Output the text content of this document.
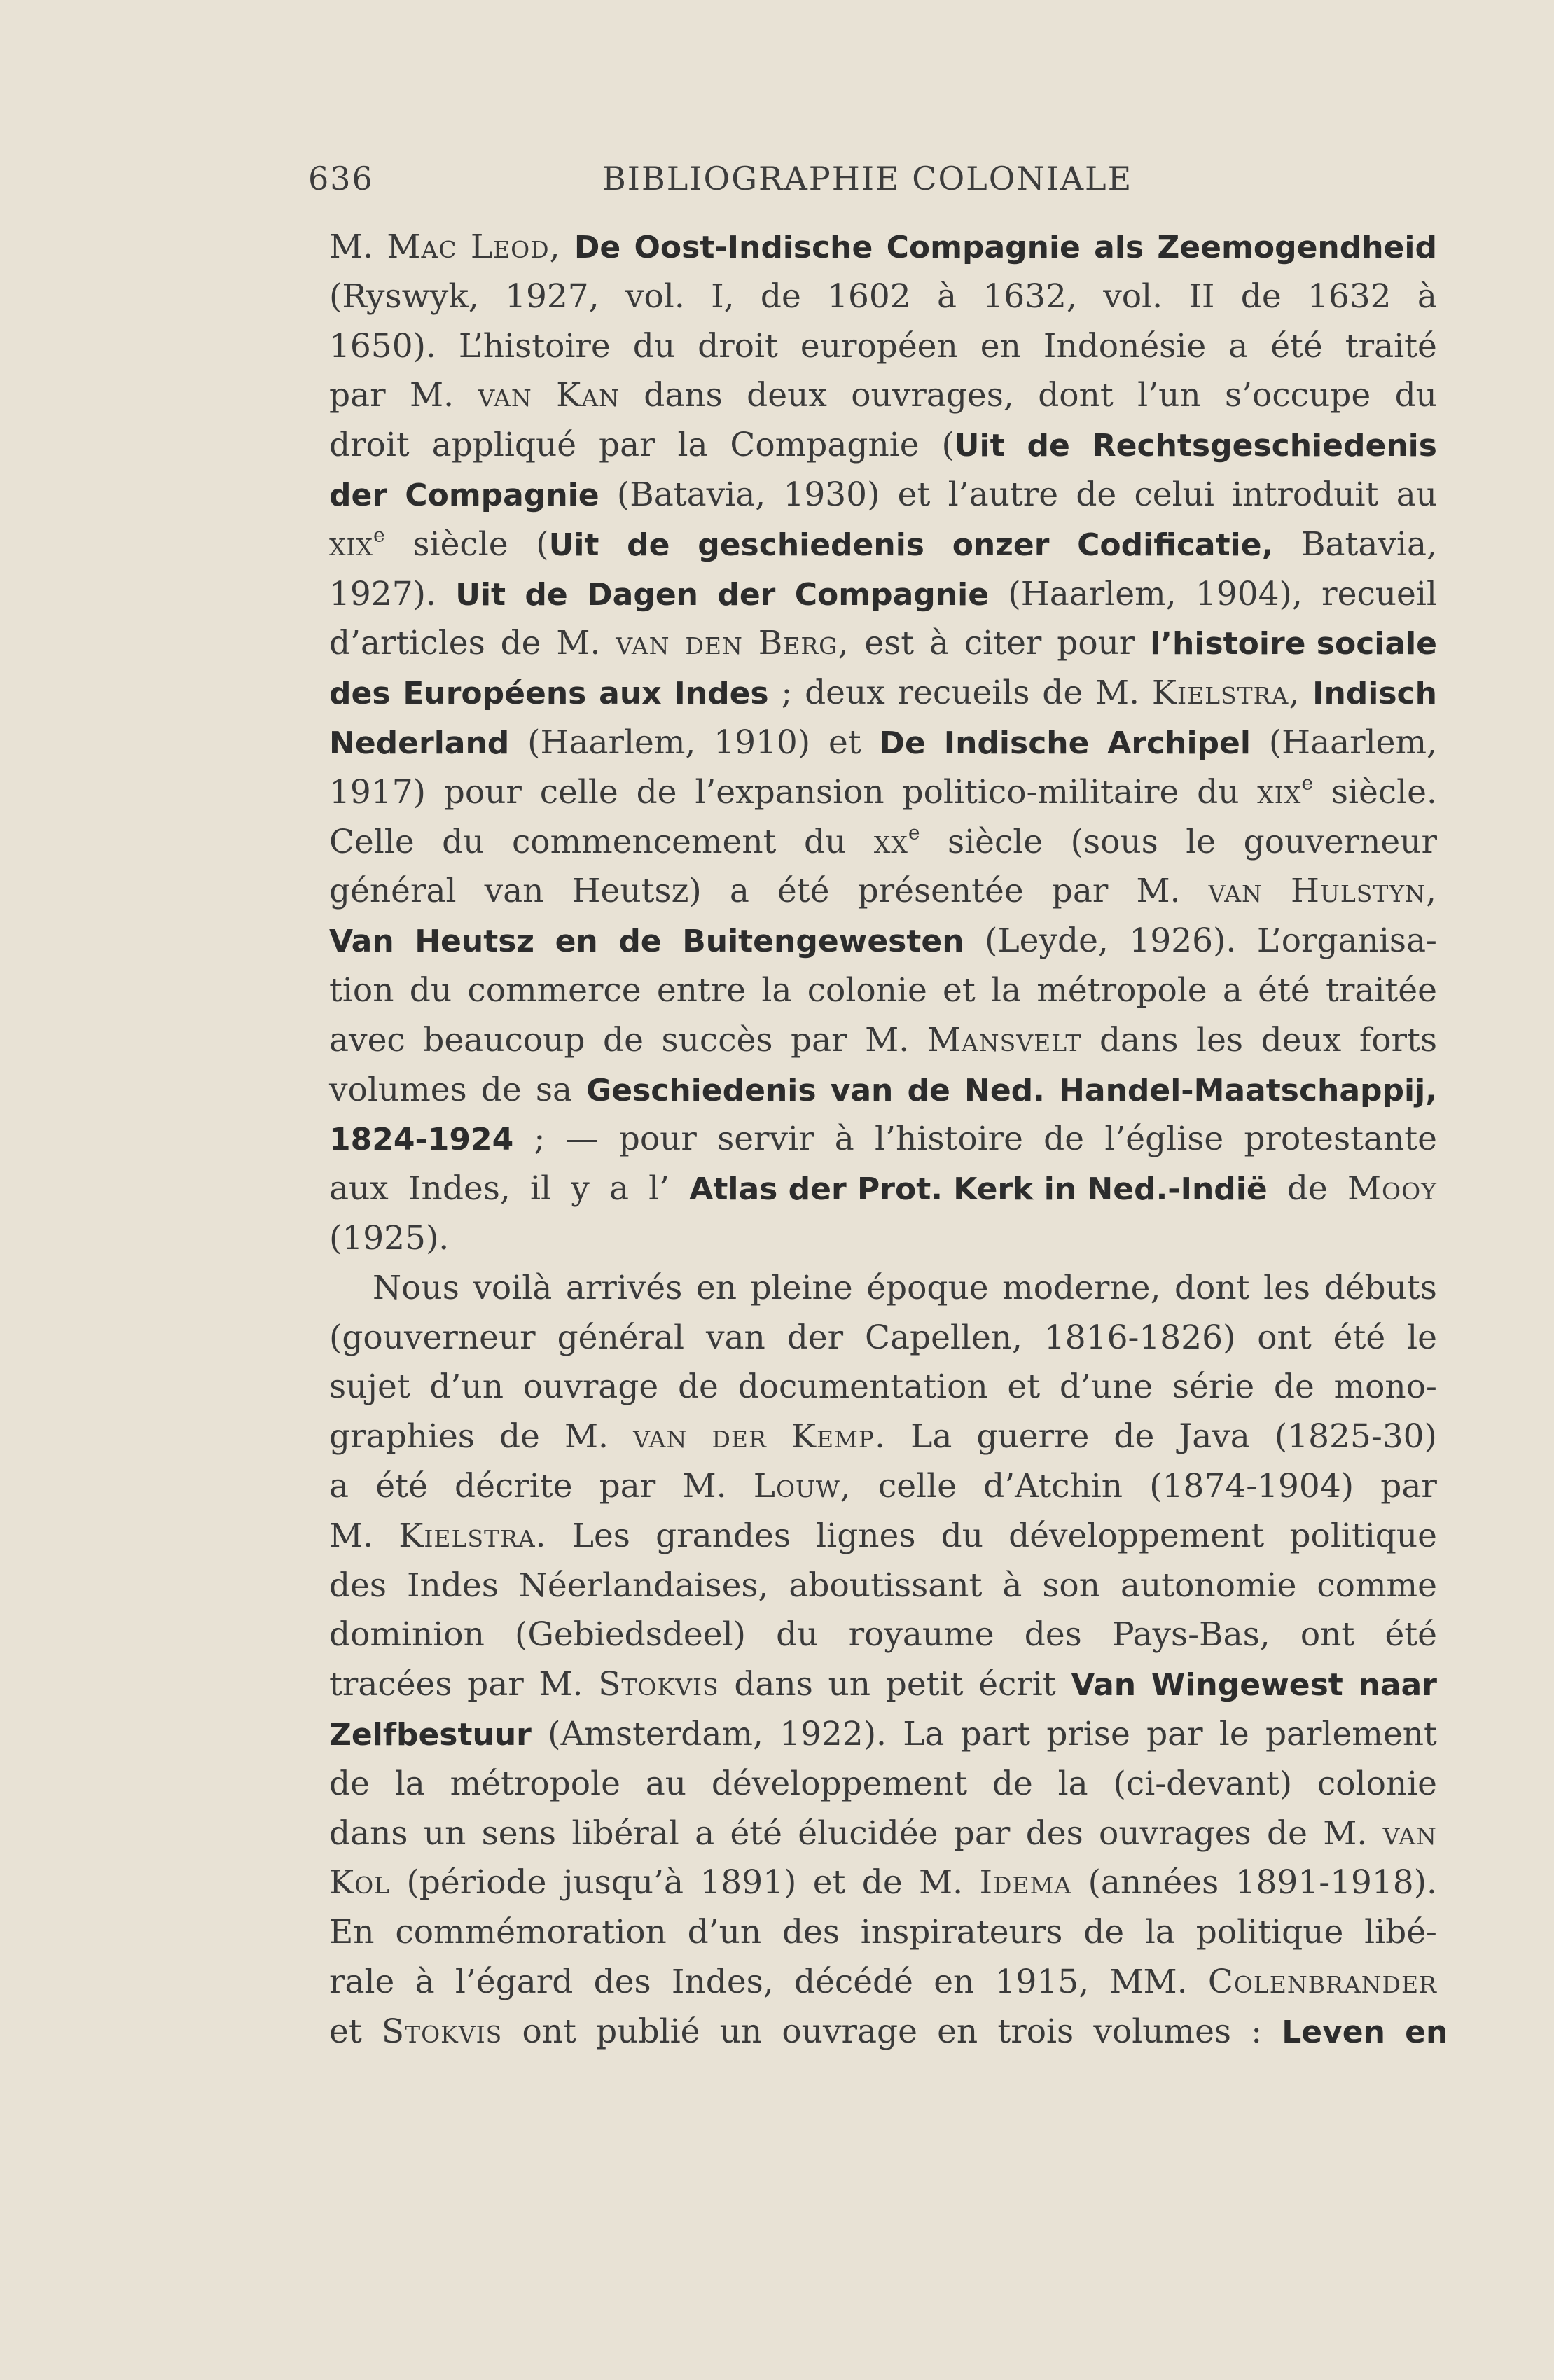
636	BIBLIOGRAPHIE COLONIALE
M. Mac Leod, De Oost-Indische Compagnie als Zeemogendheid
(Ryswyk, 1927, vol. I, de 1602 à 1632, vol. II de 1632 à
1650). L’histoire du droit européen en Indonésie a été traité
par M. van Kan dans deux ouvrages, dont l’un s’occupe du
droit appliqué par la Compagnie (Uit de Rechtsgeschiedenis
der Compagnie (Batavia, 1930) et l’autre de celui introduit au
xix$^e$ siècle (Uit de geschiedenis onzer Codificatie, Batavia,
1927). Uit de Dagen der Compagnie (Haarlem, 1904), recueil
d’articles de M. van den Berg, est à citer pour l’histoire sociale
des Européens aux Indes ; deux recueils de M. Kielstra, Indisch
Nederland (Haarlem, 1910) et De Indische Archipel (Haarlem,
1917) pour celle de l’expansion politico-militaire du xix$^e$ siècle.
Celle du commencement du $xx^e$ siècle (sous le gouverneur
général van Heutsz) a été présentée par M. van Hulstyn,
Van Heutsz en de Buitengewesten (Leyde, 1926). L’organisa-
tion du commerce entre la colonie et la métropole a été traitée
avec beaucoup de succès par M. Mansvelt dans les deux forts
volumes de sa Geschiedenis van de Ned. Handel-Maatschappij,
1824-1924 ; — pour servir à l’histoire de l’église protestante
aux Indes, il y a l’ Atlas der Prot. Kerk in Ned.-Indië de Mooy
(1925).
Nous voilà arrivés en pleine époque moderne, dont les débuts
(gouverneur général van der Capellen, 1816-1826) ont été le
sujet d’un ouvrage de documentation et d’une série de mono-
graphies de M. van der Kemp. La guerre de Java (1825-30)
a été décrite par M. Louw, celle d’Atchin (1874-1904) par
M. Kielstra. Les grandes lignes du développement politique
des Indes Néerlandaises, aboutissant à son autonomie comme
dominion (Gebiedsdeel) du royaume des Pays-Bas, ont été
tracées par M. Stokvis dans un petit écrit Van Wingewest naar
Zelfbestuur (Amsterdam, 1922). La part prise par le parlement
de la métropole au développement de la (ci-devant) colonie
dans un sens libéral a été élucidée par des ouvrages de M. van
Kol (période jusqu’à 1891) et de M. Idema (années 1891-1918).
En commémoration d’un des inspirateurs de la politique libé-
rale à l’égard des Indes, décédé en 1915, MM. Colenbrander
et Stokvis ont publié un ouvrage en trois volumes : Leven en
